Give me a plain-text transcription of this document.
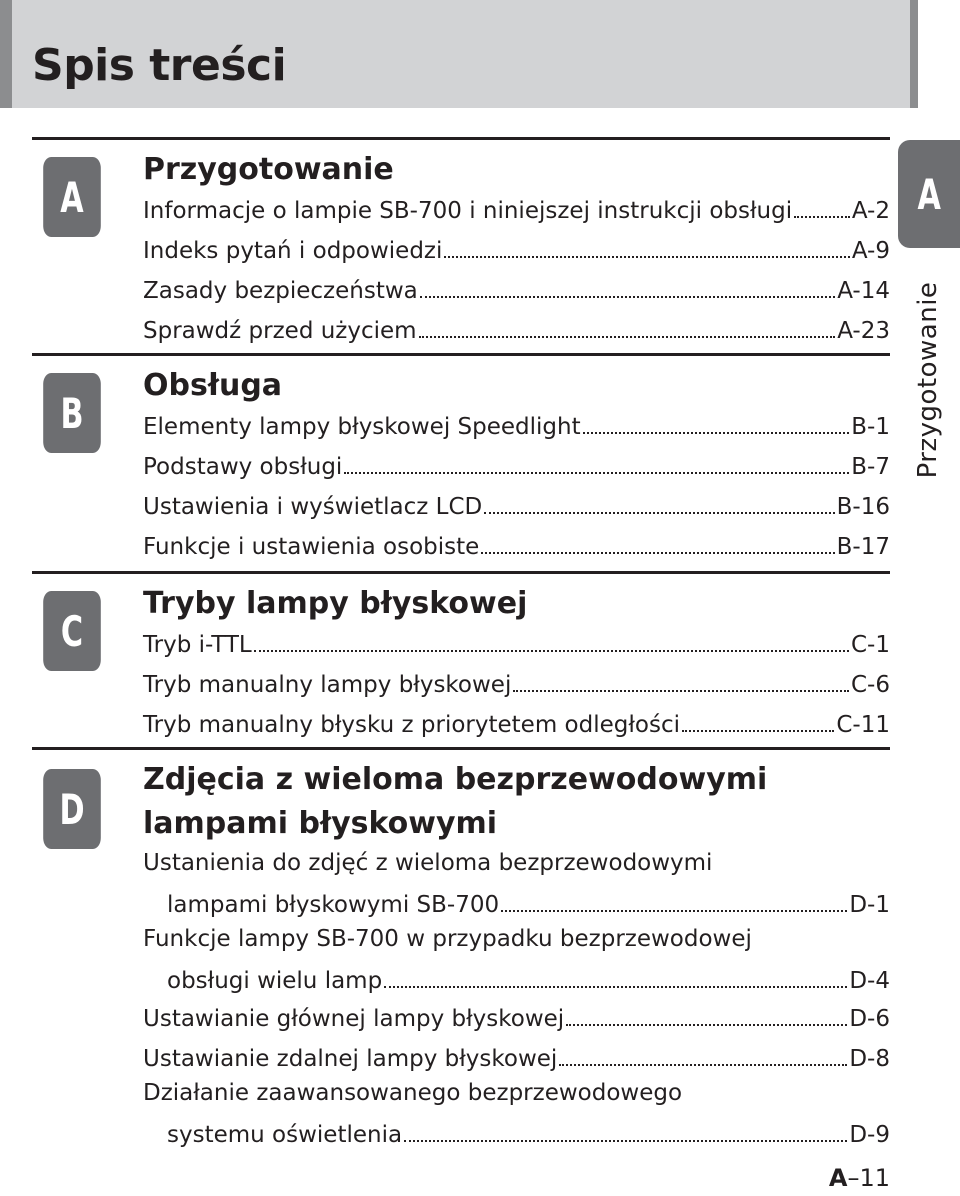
Spis treści
A
Przygotowanie
A
Przygotowanie
Informacje o lampie SB-700 i niniejszej instrukcji obsługi	A-2
Indeks pytań i odpowiedzi	A-9
Zasady bezpieczeństwa	A-14
Sprawdź przed użyciem	A-23
B
Obsługa
Elementy lampy błyskowej Speedlight	B-1
Podstawy obsługi	B-7
Ustawienia i wyświetlacz LCD	B-16
Funkcje i ustawienia osobiste	B-17
C
Tryby lampy błyskowej
Tryb i-TTL	C-1
Tryb manualny lampy błyskowej	C-6
Tryb manualny błysku z priorytetem odległości	C-11
D
Zdjęcia z wieloma bezprzewodowymi
lampami błyskowymi
Ustanienia do zdjęć z wieloma bezprzewodowymi
lampami błyskowymi SB-700	D-1
Funkcje lampy SB-700 w przypadku bezprzewodowej
obsługi wielu lamp	D-4
Ustawianie głównej lampy błyskowej	D-6
Ustawianie zdalnej lampy błyskowej	D-8
Działanie zaawansowanego bezprzewodowego
systemu oświetlenia	D-9
A–11
